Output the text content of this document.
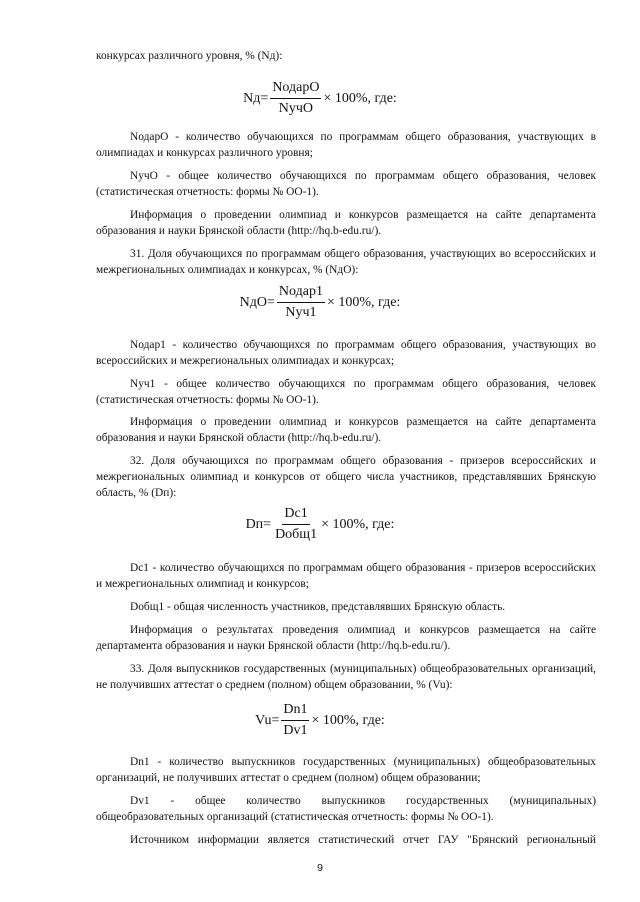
конкурсах различного уровня, % (Nд):

$Nд= \frac{\text{NодарО}}{\text{NучО}} \times 100\%$, где:

NодарО - количество обучающихся по программам общего образования, участвующих в олимпиадах и конкурсах различного уровня;

NучО - общее количество обучающихся по программам общего образования, человек (статистическая отчетность: формы № ОО-1).

Информация о проведении олимпиад и конкурсов размещается на сайте департамента образования и науки Брянской области (http://hq.b-edu.ru/).

31. Доля обучающихся по программам общего образования, участвующих во всероссийских и межрегиональных олимпиадах и конкурсах, % (NдО):

$NдО= \frac{\text{Nодар1}}{\text{Nуч1}} \times 100\%$, где:

Nодар1 - количество обучающихся по программам общего образования, участвующих во всероссийских и межрегиональных олимпиадах и конкурсах;

Nуч1 - общее количество обучающихся по программам общего образования, человек (статистическая отчетность: формы № ОО-1).

Информация о проведении олимпиад и конкурсов размещается на сайте департамента образования и науки Брянской области (http://hq.b-edu.ru/).

32. Доля обучающихся по программам общего образования - призеров всероссийских и межрегиональных олимпиад и конкурсов от общего числа участников, представлявших Брянскую область, % (Dп):

$Dп= \frac{Dс1}{\text{Dобщ1}} \times 100\%$, где:

Dс1 - количество обучающихся по программам общего образования - призеров всероссийских и межрегиональных олимпиад и конкурсов;

Dобщ1 - общая численность участников, представлявших Брянскую область.

Информация о результатах проведения олимпиад и конкурсов размещается на сайте департамента образования и науки Брянской области (http://hq.b-edu.ru/).

33. Доля выпускников государственных (муниципальных) общеобразовательных организаций, не получивших аттестат о среднем (полном) общем образовании, % (Vu):

$Vu= \frac{Dn1}{Dv1} \times 100\%$, где:

Dn1 - количество выпускников государственных (муниципальных) общеобразовательных организаций, не получивших аттестат о среднем (полном) общем образовании;

Dv1 - общее количество выпускников государственных (муниципальных) общеобразовательных организаций (статистическая отчетность: формы № ОО-1).

Источником информации является статистический отчет ГАУ "Брянский региональный

9
